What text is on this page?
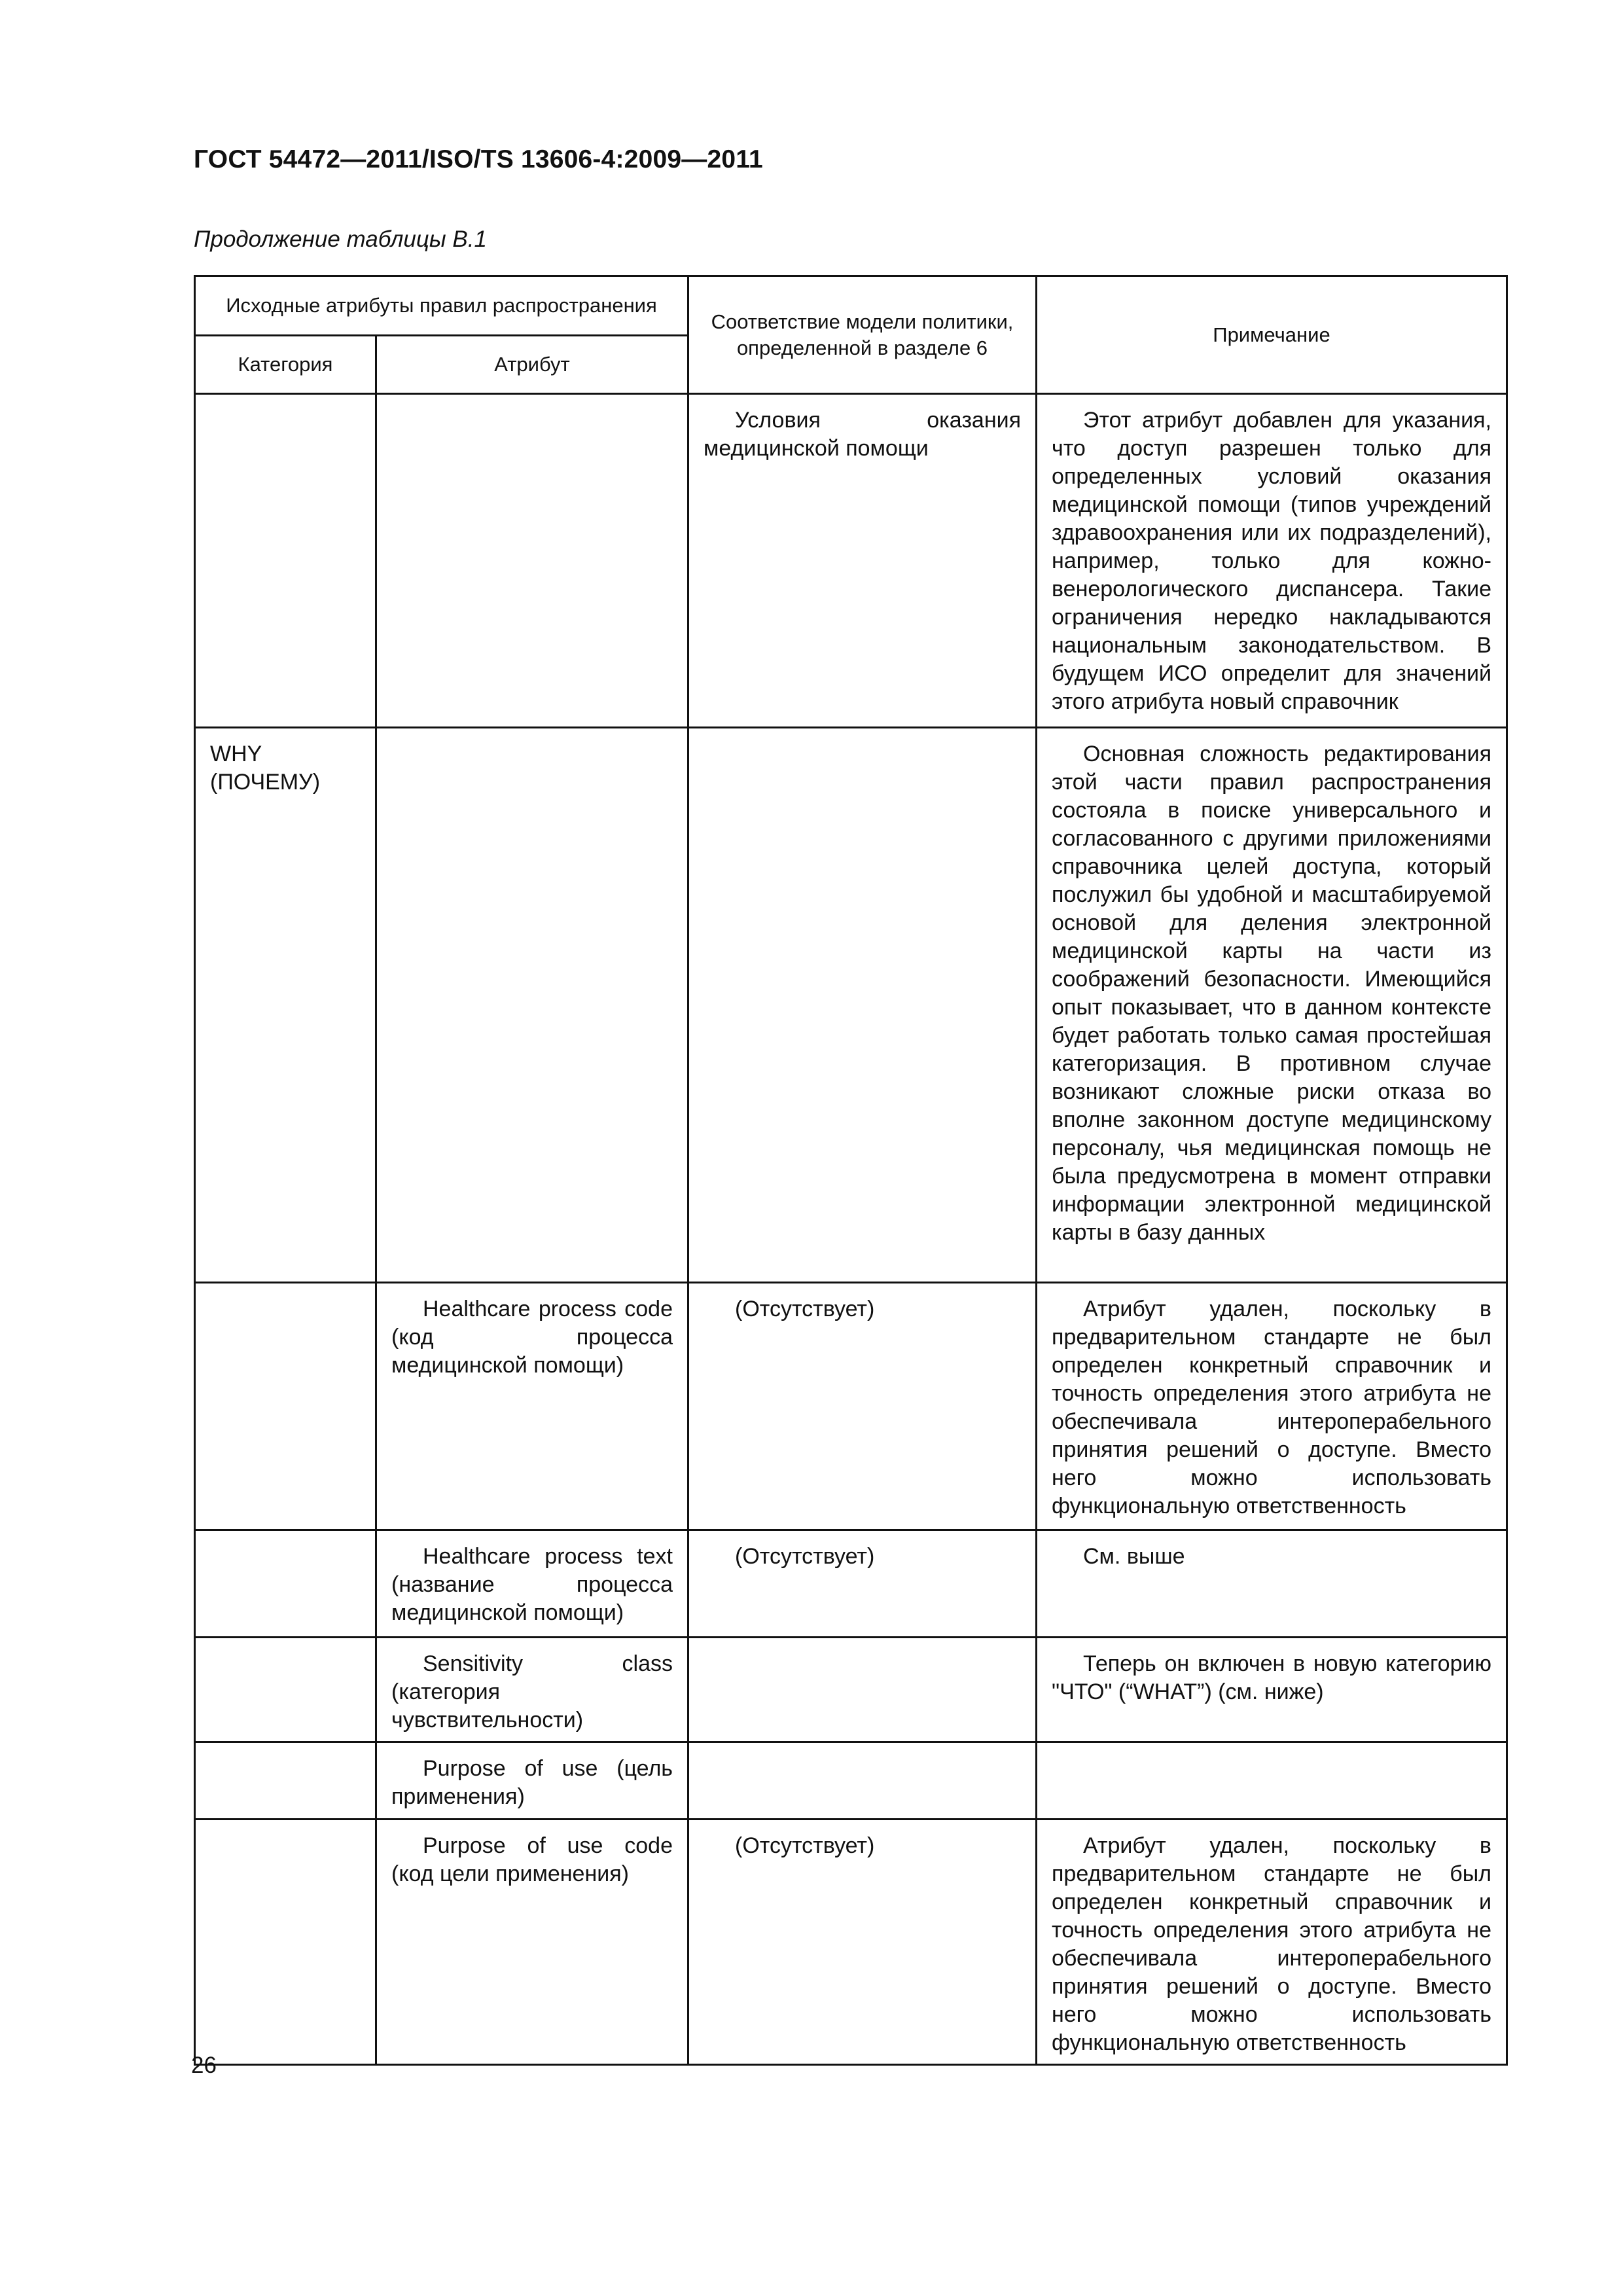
ГОСТ 54472—2011/ISO/TS 13606-4:2009—2011
Продолжение таблицы В.1
Исходные атрибуты правил распространения		Соответствие модели политики, определенной в разделе 6	Примечание
Категория	Атрибут		

		Условия оказания медицинской помощи	Этот атрибут добавлен для указания, что доступ разрешен только для определенных условий оказания медицинской помощи (типов учреждений здравоохранения или их подразделений), например, только для кожно-венерологического диспансера. Такие ограничения нередко накладываются национальным законодательством. В будущем ИСО определит для значений этого атрибута новый справочник

WHY (ПОЧЕМУ)			Основная сложность редактирования этой части правил распространения состояла в поиске универсального и согласованного с другими приложениями справочника целей доступа, который послужил бы удобной и масштабируемой основой для деления электронной медицинской карты на части из соображений безопасности. Имеющийся опыт показывает, что в данном контексте будет работать только самая простейшая категоризация. В противном случае возникают сложные риски отказа во вполне законном доступе медицинскому персоналу, чья медицинская помощь не была предусмотрена в момент отправки информации электронной медицинской карты в базу данных

	Healthcare process code (код процесса медицинской помощи)	(Отсутствует)	Атрибут удален, поскольку в предварительном стандарте не был определен конкретный справочник и точность определения этого атрибута не обеспечивала интероперабельного принятия решений о доступе. Вместо него можно использовать функциональную ответственность

	Healthcare process text (название процесса медицинской помощи)	(Отсутствует)	См. выше

	Sensitivity class (категория чувствительности)		Теперь он включен в новую категорию "ЧТО" (“WHAT”) (см. ниже)

	Purpose of use (цель применения)		

	Purpose of use code (код цели применения)	(Отсутствует)	Атрибут удален, поскольку в предварительном стандарте не был определен конкретный справочник и точность определения этого атрибута не обеспечивала интероперабельного принятия решений о доступе. Вместо него можно использовать функциональную ответственность
26
